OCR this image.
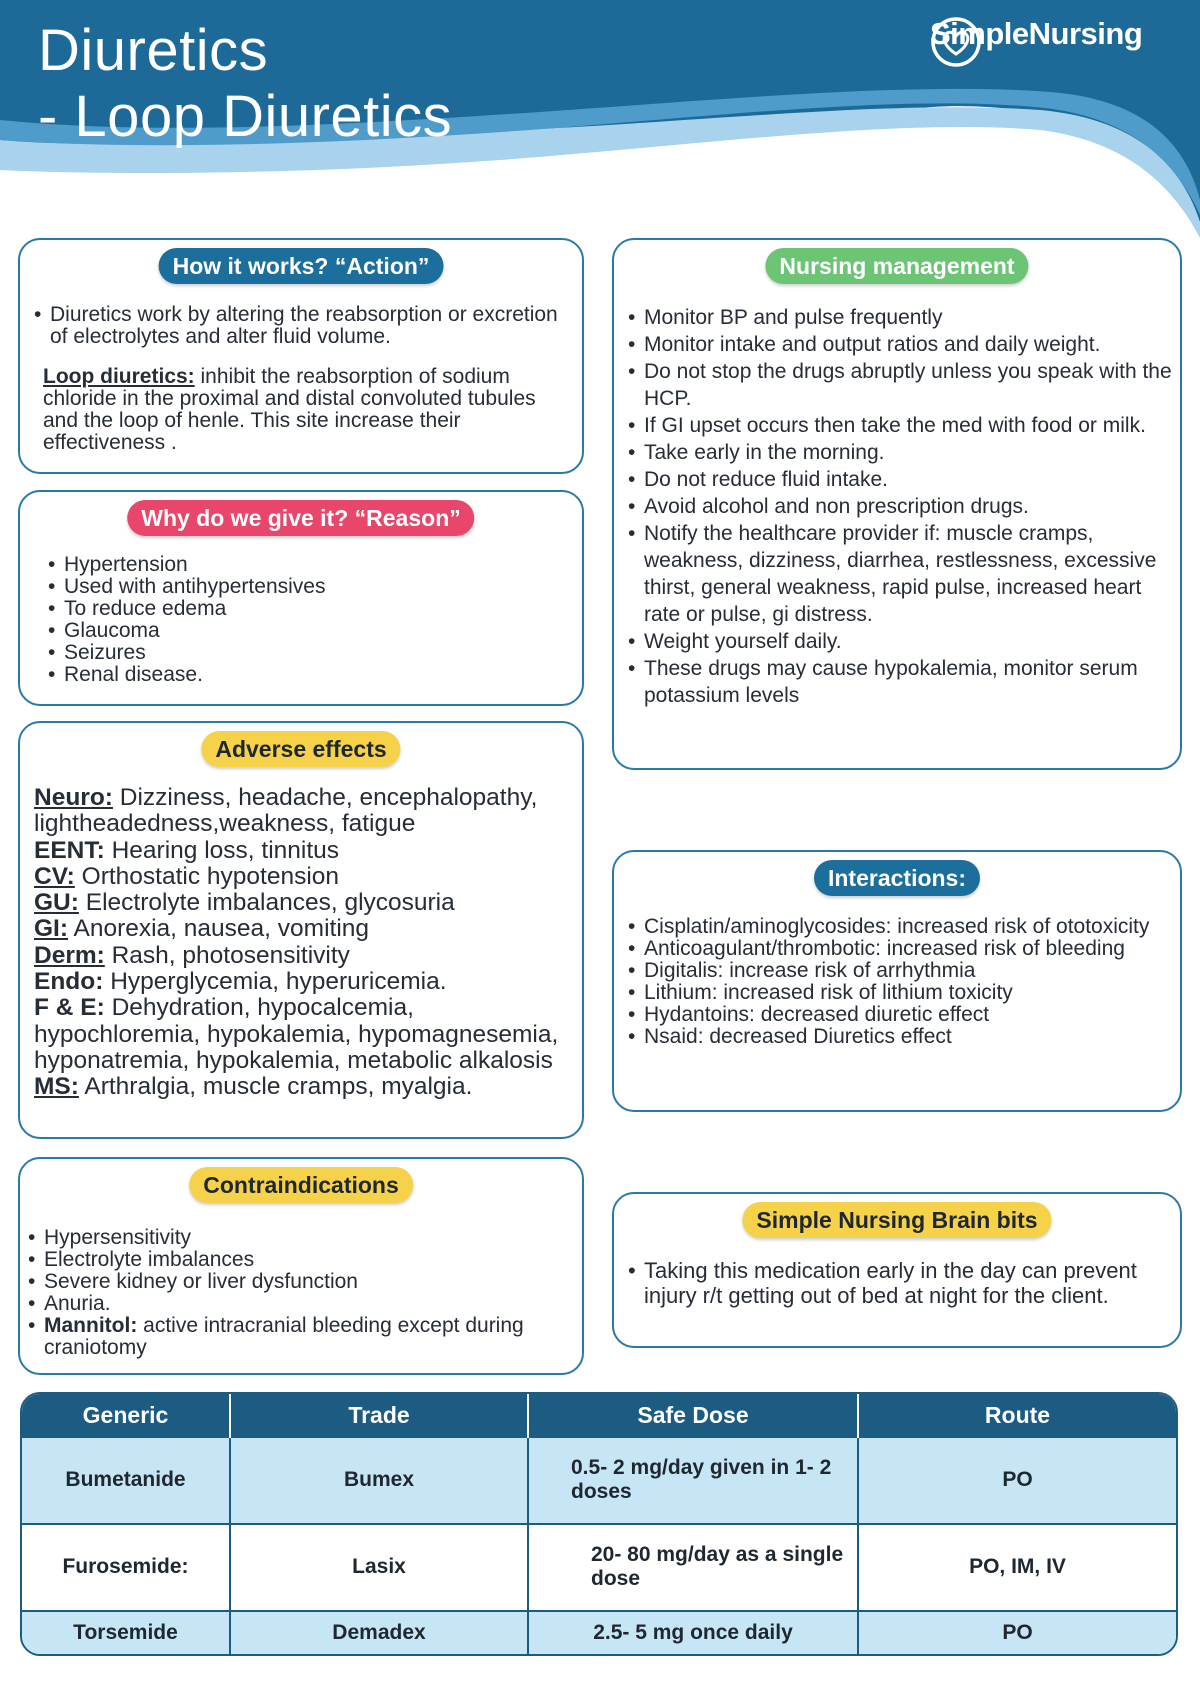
Diuretics
- Loop Diuretics
SimpleNursing
How it works? “Action”
• Diuretics work by altering the reabsorption or excretion of electrolytes and alter fluid volume.
Loop diuretics: inhibit the reabsorption of sodium chloride in the proximal and distal convoluted tubules and the loop of henle. This site increase their effectiveness .
Why do we give it? “Reason”
• Hypertension
• Used with antihypertensives
• To reduce edema
• Glaucoma
• Seizures
• Renal disease.
Adverse effects
Neuro: Dizziness, headache, encephalopathy, lightheadedness,weakness, fatigue
EENT: Hearing loss, tinnitus
CV: Orthostatic hypotension
GU: Electrolyte imbalances, glycosuria
GI: Anorexia, nausea, vomiting
Derm: Rash, photosensitivity
Endo: Hyperglycemia, hyperuricemia.
F & E: Dehydration, hypocalcemia, hypochloremia, hypokalemia, hypomagnesemia, hyponatremia, hypokalemia, metabolic alkalosis
MS: Arthralgia, muscle cramps, myalgia.
Contraindications
• Hypersensitivity
• Electrolyte imbalances
• Severe kidney or liver dysfunction
• Anuria.
• Mannitol: active intracranial bleeding except during craniotomy
Nursing management
• Monitor BP and pulse frequently
• Monitor intake and output ratios and daily weight.
• Do not stop the drugs abruptly unless you speak with the HCP.
• If GI upset occurs then take the med with food or milk.
• Take early in the morning.
• Do not reduce fluid intake.
• Avoid alcohol and non prescription drugs.
• Notify the healthcare provider if: muscle cramps, weakness, dizziness, diarrhea, restlessness, excessive thirst, general weakness, rapid pulse, increased heart rate or pulse, gi distress.
• Weight yourself daily.
• These drugs may cause hypokalemia, monitor serum potassium levels
Interactions:
• Cisplatin/aminoglycosides: increased risk of ototoxicity
• Anticoagulant/thrombotic: increased risk of bleeding
• Digitalis: increase risk of arrhythmia
• Lithium: increased risk of lithium toxicity
• Hydantoins: decreased diuretic effect
• Nsaid: decreased Diuretics effect
Simple Nursing Brain bits
• Taking this medication early in the day can prevent injury r/t getting out of bed at night for the client.
Generic	Trade	Safe Dose	Route
Bumetanide	Bumex	0.5- 2 mg/day given in 1- 2 doses	PO
Furosemide:	Lasix	20- 80 mg/day as a single dose	PO, IM, IV
Torsemide	Demadex	2.5- 5 mg once daily	PO
